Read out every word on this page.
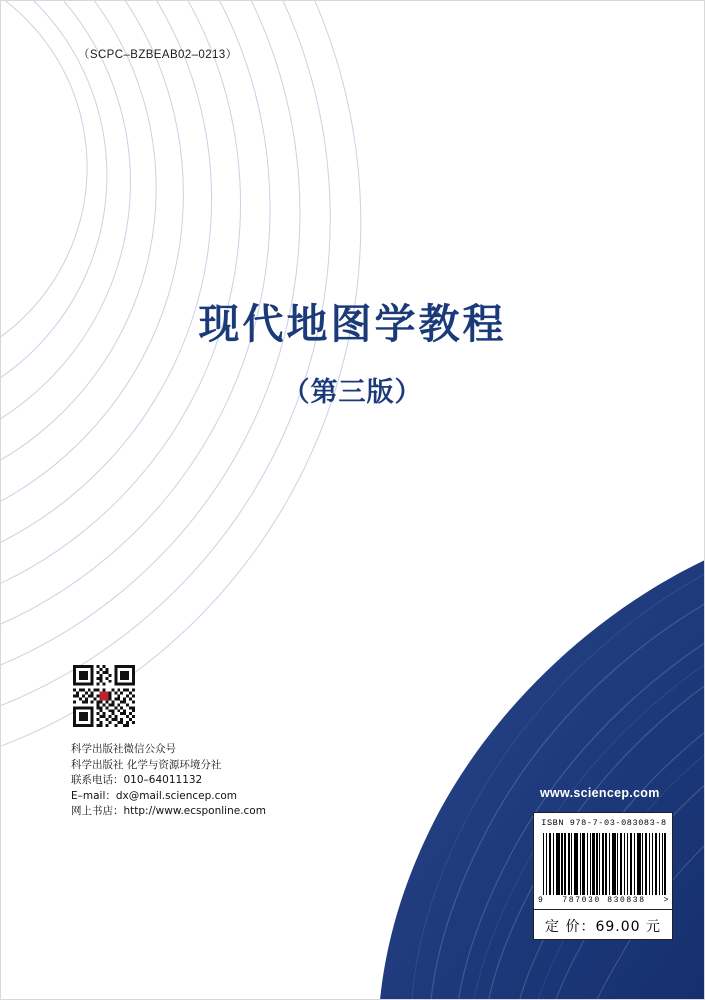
（SCPC–BZBEAB02–0213）
现代地图学教程
（第三版）
科学出版社微信公众号
科学出版社 化学与资源环境分社
联系电话：010–64011132
E–mail：dx@mail.sciencep.com
网上书店：http://www.ecsponline.com
www.sciencep.com
ISBN 978-7-03-083083-8
9 787030 830838 >
定 价：69.00 元
